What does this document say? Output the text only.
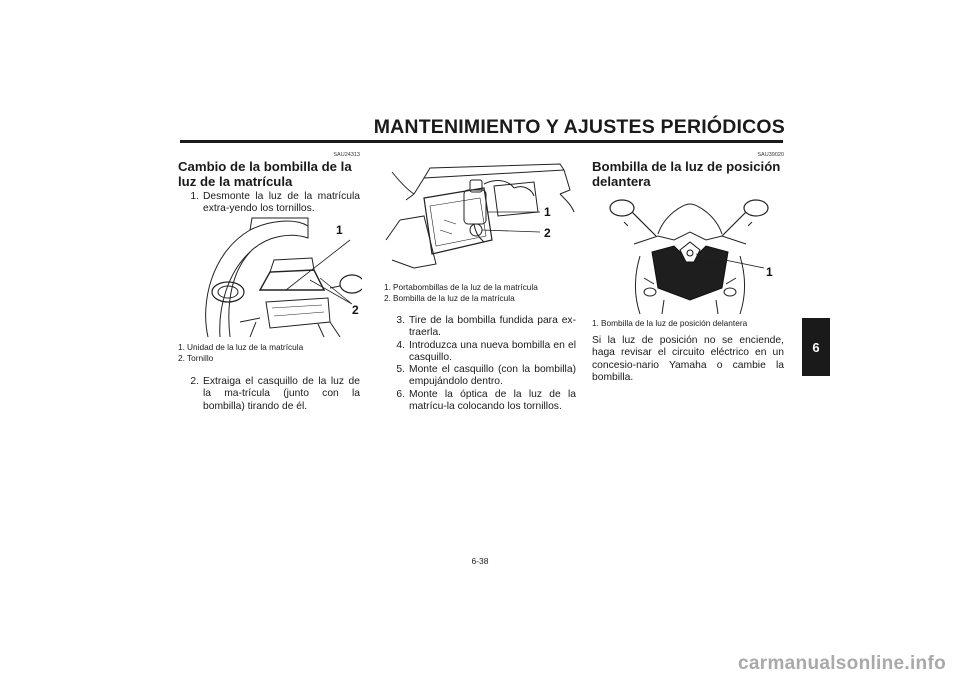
MANTENIMIENTO Y AJUSTES PERIÓDICOS
6
SAU24313
Cambio de la bombilla de la luz de la matrícula
1. Desmonte la luz de la matrícula extra-yendo los tornillos.
1
2
1. Unidad de la luz de la matrícula
2. Tornillo
2. Extraiga el casquillo de la luz de la ma-trícula (junto con la bombilla) tirando de él.
1
2
1. Portabombillas de la luz de la matrícula
2. Bombilla de la luz de la matrícula
3. Tire de la bombilla fundida para ex-traerla.
4. Introduzca una nueva bombilla en el casquillo.
5. Monte el casquillo (con la bombilla) empujándolo dentro.
6. Monte la óptica de la luz de la matrícu-la colocando los tornillos.
SAU39020
Bombilla de la luz de posición delantera
1
1. Bombilla de la luz de posición delantera

Si la luz de posición no se enciende, haga revisar el circuito eléctrico en un concesio-nario Yamaha o cambie la bombilla.

6-38
carmanualsonline.info
